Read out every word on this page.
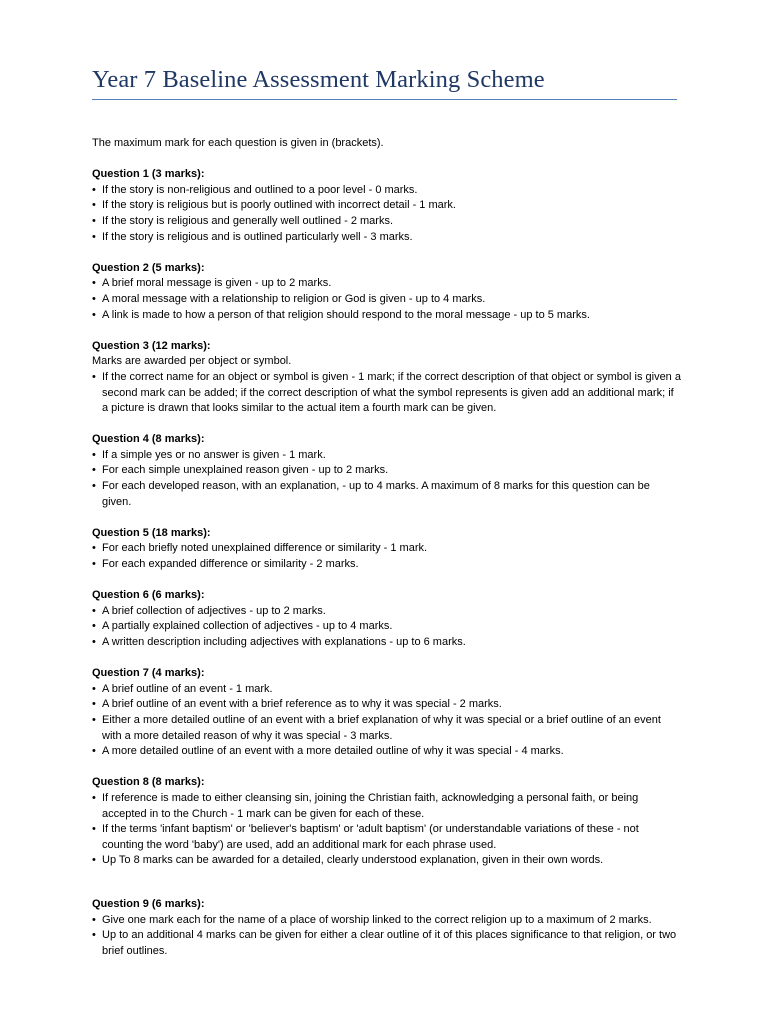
Year 7 Baseline Assessment Marking Scheme

The maximum mark for each question is given in (brackets).

Question 1 (3 marks):

• If the story is non-religious and outlined to a poor level - 0 marks.
• If the story is religious but is poorly outlined with incorrect detail - 1 mark.
• If the story is religious and generally well outlined - 2 marks.
• If the story is religious and is outlined particularly well - 3 marks.

Question 2 (5 marks):

• A brief moral message is given - up to 2 marks.
• A moral message with a relationship to religion or God is given - up to 4 marks.
• A link is made to how a person of that religion should respond to the moral message - up to 5 marks.

Question 3 (12 marks):

Marks are awarded per object or symbol.

• If the correct name for an object or symbol is given - 1 mark; if the correct description of that object or symbol is given a second mark can be added; if the correct description of what the symbol represents is given add an additional mark; if a picture is drawn that looks similar to the actual item a fourth mark can be given.

Question 4 (8 marks):

• If a simple yes or no answer is given - 1 mark.
• For each simple unexplained reason given - up to 2 marks.
• For each developed reason, with an explanation, - up to 4 marks. A maximum of 8 marks for this question can be given.

Question 5 (18 marks):

• For each briefly noted unexplained difference or similarity - 1 mark.
• For each expanded difference or similarity - 2 marks.

Question 6 (6 marks):

• A brief collection of adjectives - up to 2 marks.
• A partially explained collection of adjectives - up to 4 marks.
• A written description including adjectives with explanations - up to 6 marks.

Question 7 (4 marks):

• A brief outline of an event - 1 mark.
• A brief outline of an event with a brief reference as to why it was special - 2 marks.
• Either a more detailed outline of an event with a brief explanation of why it was special or a brief outline of an event with a more detailed reason of why it was special - 3 marks.
• A more detailed outline of an event with a more detailed outline of why it was special - 4 marks.

Question 8 (8 marks):

• If reference is made to either cleansing sin, joining the Christian faith, acknowledging a personal faith, or being accepted in to the Church - 1 mark can be given for each of these.
• If the terms 'infant baptism' or 'believer's baptism' or 'adult baptism' (or understandable variations of these - not counting the word 'baby') are used, add an additional mark for each phrase used.
• Up To 8 marks can be awarded for a detailed, clearly understood explanation, given in their own words.

Question 9 (6 marks):

• Give one mark each for the name of a place of worship linked to the correct religion up to a maximum of 2 marks.
• Up to an additional 4 marks can be given for either a clear outline of it of this places significance to that religion, or two brief outlines.
